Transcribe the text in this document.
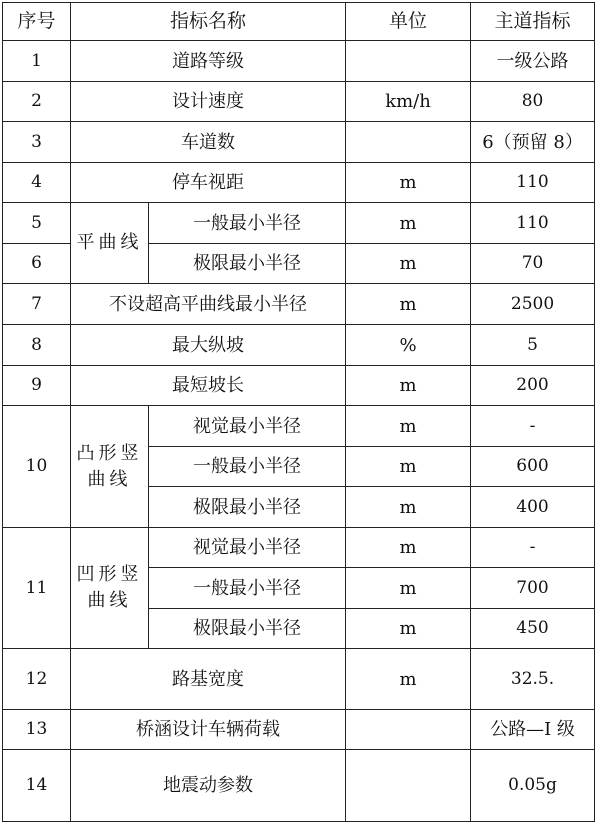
序号	指标名称		单位	主道指标
1	道路等级			一级公路
2	设计速度		km/h	80
3	车道数			6（预留 8）
4	停车视距		m	110
5	平曲线	一般最小半径	m	110
6		极限最小半径	m	70
7	不设超高平曲线最小半径		m	2500
8	最大纵坡		%	5
9	最短坡长		m	200
10	凸形竖曲线	视觉最小半径	m	-
		一般最小半径	m	600
		极限最小半径	m	400
11	凹形竖曲线	视觉最小半径	m	-
		一般最小半径	m	700
		极限最小半径	m	450
12	路基宽度		m	32.5.
13	桥涵设计车辆荷载			公路—I 级
14	地震动参数			0.05g
